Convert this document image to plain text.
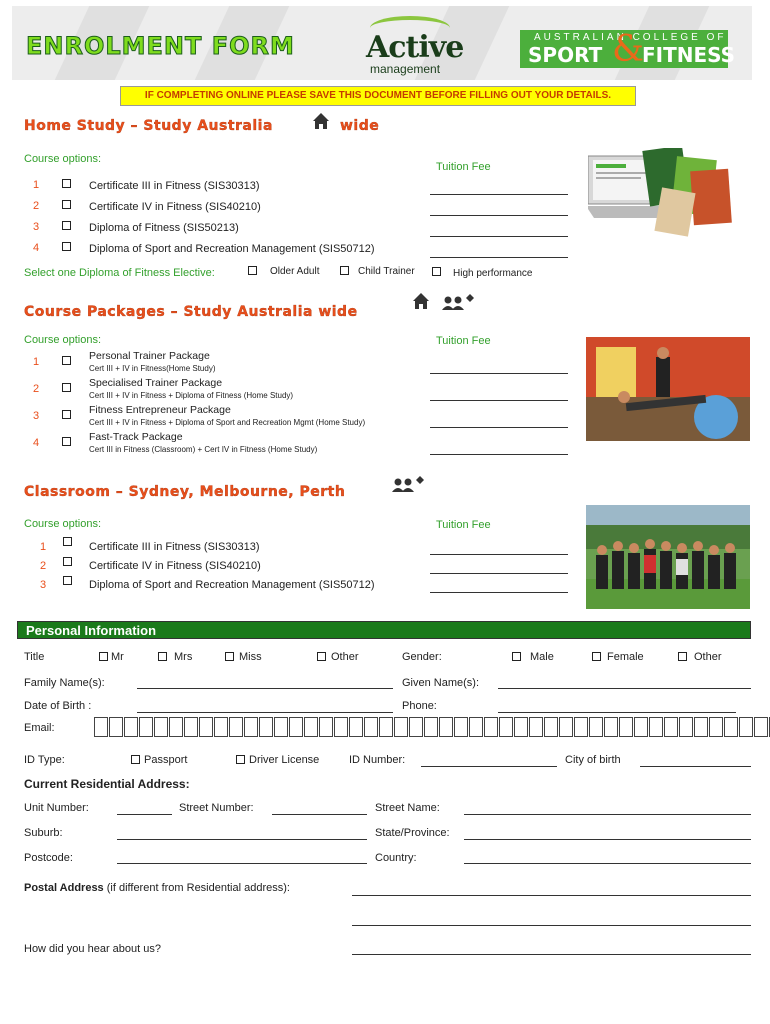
ENROLMENT FORM Active
management
AUSTRALIAN COLLEGE OF
SPORT &
FITNESS
IF COMPLETING ONLINE PLEASE SAVE THIS DOCUMENT BEFORE FILLING OUT YOUR DETAILS.
Home Study – Study Australia	wide
Course options:
Tuition Fee
1	Certificate III in Fitness (SIS30313)
2	Certificate IV in Fitness (SIS40210)
3	Diploma of Fitness (SIS50213)
4	Diploma of Sport and Recreation Management (SIS50712)
Select one Diploma of Fitness Elective:	Older Adult	Child Trainer	High performance
Course Packages – Study Australia wide
Course options:	Tuition Fee
1	Personal Trainer Package
Cert III + IV in Fitness(Home Study)
2	Specialised Trainer Package
Cert III + IV in Fitness + Diploma of Fitness (Home Study)
3	Fitness Entrepreneur Package
Cert III + IV in Fitness + Diploma of Sport and Recreation Mgmt (Home Study)
4	Fast-Track Package
Cert III in Fitness (Classroom) + Cert IV in Fitness (Home Study)
Classroom – Sydney, Melbourne, Perth
Course options:	Tuition Fee
1	Certificate III in Fitness (SIS30313)
2	Certificate IV in Fitness (SIS40210)
3	Diploma of Sport and Recreation Management (SIS50712)
Personal Information
Title	Mr	Mrs	Miss	Other	Gender:	Male	Female	Other
Family Name(s):	Given Name(s):
Date of Birth :	Phone:
Email:
ID Type:	Passport	Driver License	ID Number:	City of birth
Current Residential Address:
Unit Number:	Street Number:	Street Name:
Suburb:	State/Province:
Postcode:	Country:
Postal Address (if different from Residential address):
How did you hear about us?
